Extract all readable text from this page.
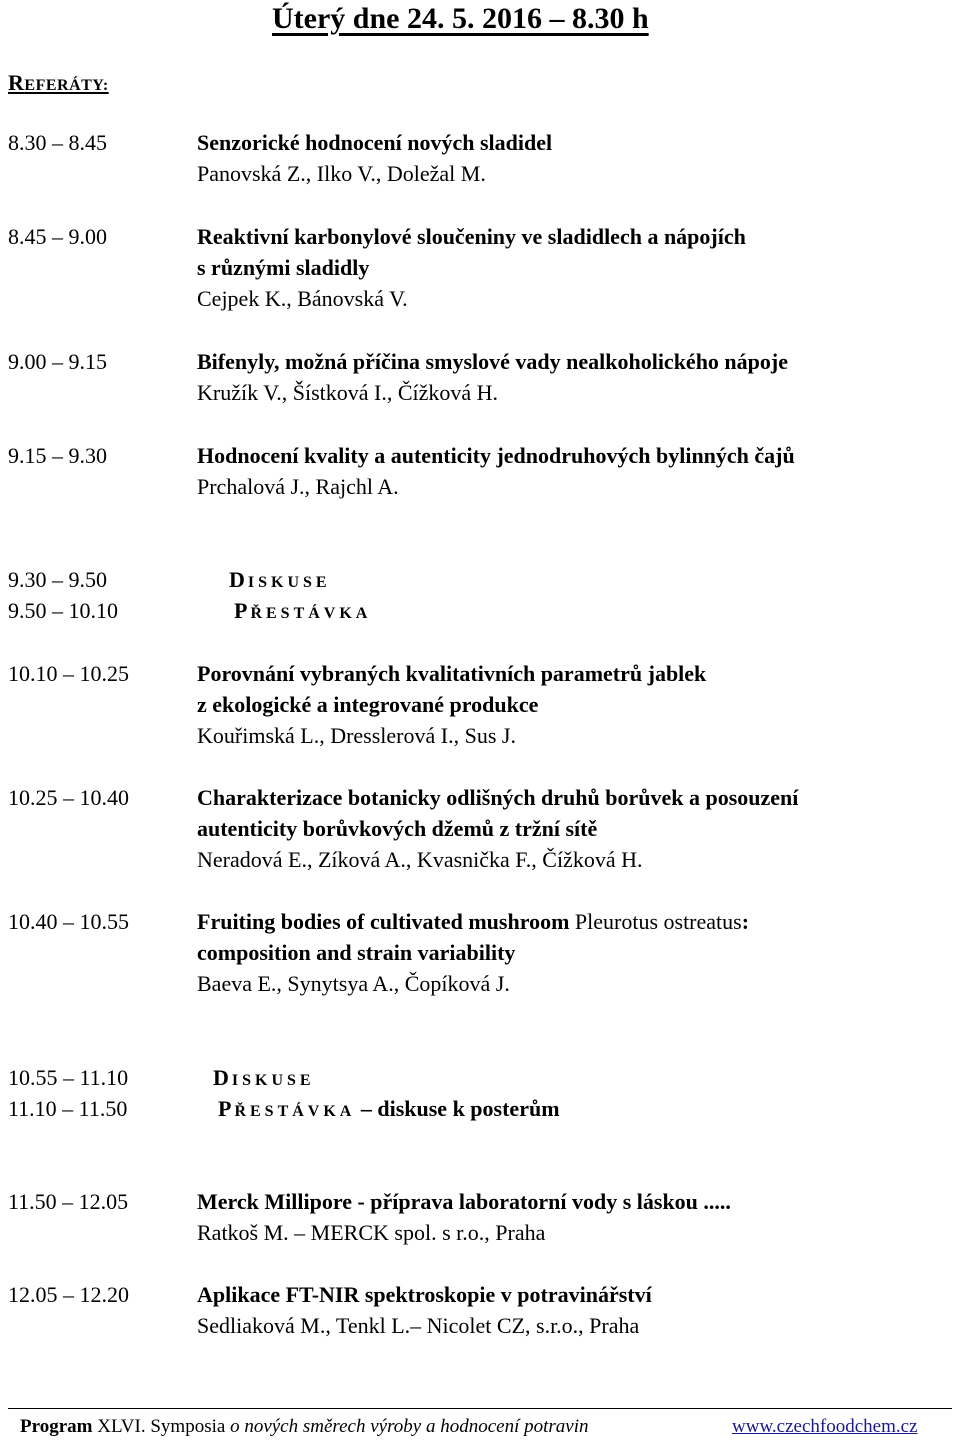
Úterý dne 24. 5. 2016 – 8.30 h
REFERÁTY:
8.30 – 8.45	Senzorické hodnocení nových sladidel
Panovská Z., Ilko V., Doležal M.
8.45 – 9.00	Reaktivní karbonylové sloučeniny ve sladidlech a nápojích
s různými sladidly
Cejpek K., Bánovská V.
9.00 – 9.15	Bifenyly, možná příčina smyslové vady nealkoholického nápoje
Kružík V., Šístková I., Čížková H.
9.15 – 9.30	Hodnocení kvality a autenticity jednodruhových bylinných čajů
Prchalová J., Rajchl A.
9.30 – 9.50	DISKUSE
9.50 – 10.10	PŘESTÁVKA
10.10 – 10.25	Porovnání vybraných kvalitativních parametrů jablek
z ekologické a integrované produkce
Kouřimská L., Dresslerová I., Sus J.
10.25 – 10.40	Charakterizace botanicky odlišných druhů borůvek a posouzení
autenticity borůvkových džemů z tržní sítě
Neradová E., Zíková A., Kvasnička F., Čížková H.
10.40 – 10.55	Fruiting bodies of cultivated mushroom Pleurotus ostreatus:
composition and strain variability
Baeva E., Synytsya A., Čopíková J.
10.55 – 11.10	DISKUSE
11.10 – 11.50	PŘESTÁVKA – diskuse k posterům
11.50 – 12.05	Merck Millipore - příprava laboratorní vody s láskou .....
Ratkoš M. – MERCK spol. s r.o., Praha
12.05 – 12.20	Aplikace FT-NIR spektroskopie v potravinářství
Sedliaková M., Tenkl L.– Nicolet CZ, s.r.o., Praha
Program XLVI. Symposia o nových směrech výroby a hodnocení potravin	www.czechfoodchem.cz
